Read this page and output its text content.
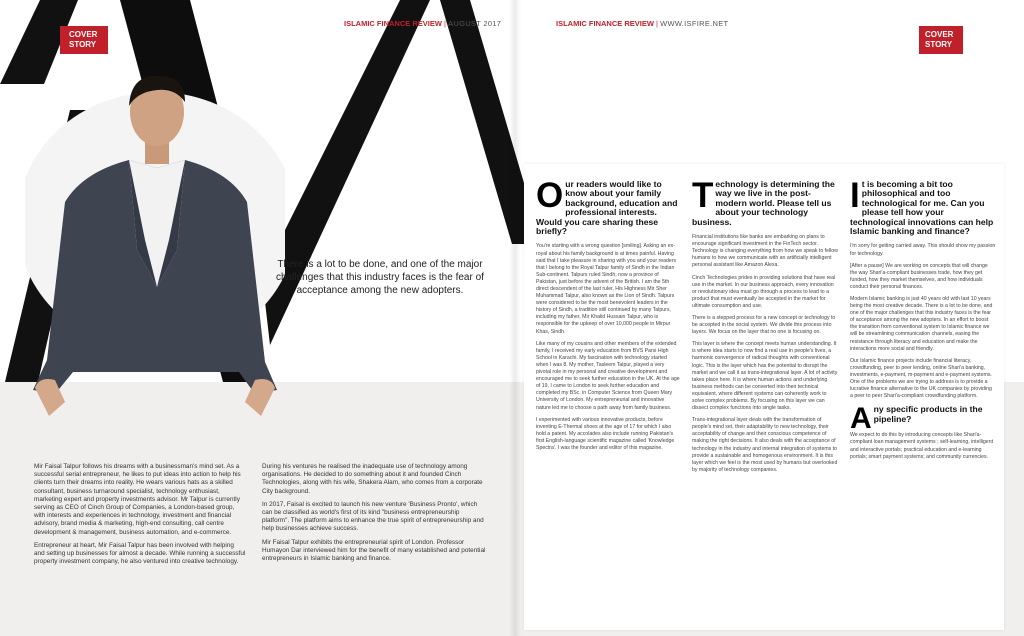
COVER
STORY
COVER
STORY
ISLAMIC FINANCE REVIEW | AUGUST 2017	ISLAMIC FINANCE REVIEW | WWW.ISFIRE.NET
There is a lot to be done, and one of the major challenges that this industry faces is the fear of acceptance among the new adopters.

Mir Faisal Talpur follows his dreams with a businessman's mind set. As a successful serial entrepreneur, he likes to put ideas into action to help his clients turn their dreams into reality. He wears various hats as a skilled consultant, business turnaround specialist, technology enthusiast, marketing expert and property investments advisor. Mr Talpur is currently serving as CEO of Cinch Group of Companies, a London-based group, with interests and experiences in technology, investment and financial advisory, brand media & marketing, high-end consulting, call centre development & management, business automation, and e-commerce.

Entrepreneur at heart, Mir Faisal Talpur has been involved with helping and setting up businesses for almost a decade. While running a successful property investment company, he also ventured into creative technology.

During his ventures he realised the inadequate use of technology among organisations. He decided to do something about it and founded Cinch Technologies, along with his wife, Shakera Alam, who comes from a corporate City background.

In 2017, Faisal is excited to launch his new venture 'Business Pronto', which can be classified as world's first of its kind "business entrepreneurship platform". The platform aims to enhance the true spirit of entrepreneurship and help businesses achieve success.

Mir Faisal Talpur exhibits the entrepreneurial spirit of London. Professor Humayon Dar interviewed him for the benefit of many established and potential entrepreneurs in Islamic banking and finance.

Our readers would like to know about your family background, education and professional interests. Would you care sharing these briefly?

You're starting with a wrong question [smiling]. Asking an ex-royal about his family background is at times painful. Having said that I take pleasure in sharing with you and your readers that I belong to the Royal Talpur family of Sindh in the Indian Sub-continent. Talpurs ruled Sindh, now a province of Pakistan, just before the advent of the British. I am the 5th direct descendent of the last ruler, His Highness Mir Sher Muhammad Talpur, also known as the Lion of Sindh. Talpurs were considered to be the most benevolent leaders in the history of Sindh, a tradition still continued by many Talpurs, including my father, Mir Khalid Hussain Talpur, who is responsible for the upkeep of over 10,000 people in Mirpur Khas, Sindh.

Like many of my cousins and other members of the extended family, I received my early education from BVS Parsi High School in Karachi. My fascination with technology started when I was 8. My mother, Tasleem Talpur, played a very pivotal role in my personal and creative development and encouraged me to seek further education in the UK. At the age of 19, I came to London to seek further education and completed my BSc. in Computer Science from Queen Mary University of London. My entrepreneurial and innovative nature led me to choose a path away from family business.

I experimented with various innovative products, before inventing E-Thermal shoes at the age of 17 for which I also hold a patent. My accolades also include running Pakistan's first English-language scientific magazine called 'Knowledge Spectra'. I was the founder and editor of this magazine.

Technology is determining the way we live in the post-modern world. Please tell us about your technology business.

Financial institutions like banks are embarking on plans to encourage significant investment in the FinTech sector. Technology is changing everything from how we speak to fellow humans to how we communicate with an artificially intelligent personal assistant like Amazon Alexa.

Cinch Technologies prides in providing solutions that have real use in the market. In our business approach, every innovation or revolutionary idea must go through a process to lead to a product that must eventually be accepted in the market for ultimate consumption and use.

There is a stepped process for a new concept or technology to be accepted in the social system. We divide this process into layers. We focus on the layer that no one is focusing on.

This layer is where the concept meets human understanding. It is where idea starts to now find a real use in people's lives, a harmonic convergence of radical thoughts with conventional logic. This is the layer which has the potential to disrupt the market and we call it as trans-integrational layer. A lot of activity takes place here. It is where human actions and underlying business methods can be converted into their technical equivalent, where different systems can coherently work to solve complex problems. By focusing on this layer we can dissect complex functions into single tasks.

Trans-integrational layer deals with the transformation of people's mind set, their adaptability to new technology, their acceptability of change and their conscious competence of making the right decisions. It also deals with the acceptance of technology in the industry and internal integration of systems to provide a sustainable and homogenous environment. It is this layer which we feel is the most used by humans but overlooked by majority of technology companies.

It is becoming a bit too philosophical and too technological for me. Can you please tell how your technological innovations can help Islamic banking and finance?

I'm sorry for getting carried away. This should show my passion for technology.

[After a pause] We are working on concepts that will change the way Shari'a-compliant businesses trade, how they get funded, how they market themselves, and how individuals conduct their personal finances.

Modern Islamic banking is just 40 years old with last 10 years being the most creative decade. There is a lot to be done, and one of the major challenges that this industry faces is the fear of acceptance among the new adopters. In an effort to boost the transition from conventional system to Islamic finance we will be streamlining communication channels, easing the resistance through literacy and education and make the interactions more social and friendly.

Our Islamic finance projects include financial literacy, crowdfunding, peer to peer lending, online Shari'a banking, investments, e-payment, m-payment and e-payment systems. One of the problems we are trying to address is to provide a lucrative finance alternative to the UK companies by providing a peer to peer Shari'a-compliant crowdfunding platform.

Any specific products in the pipeline?

We expect to do this by introducing concepts like Shari'a-compliant loan management systems ; self-learning, intelligent and interactive portals; practical education and e-learning portals; smart payment systems; and community currencies.
